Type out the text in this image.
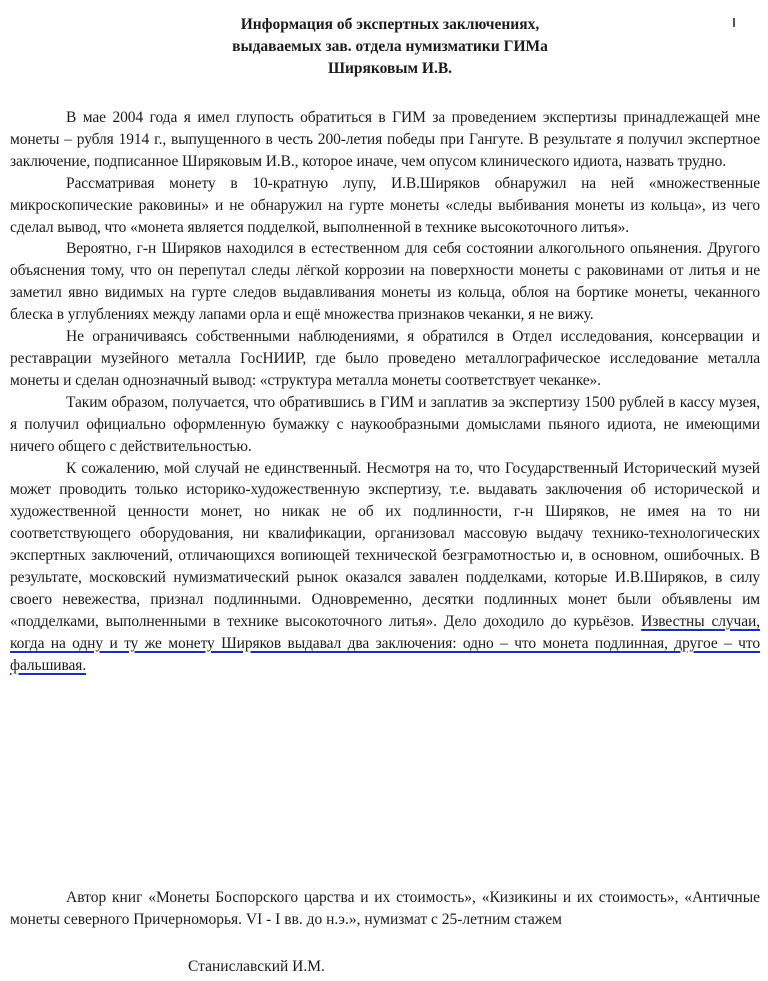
Информация об экспертных заключениях,
выдаваемых зав. отдела нумизматики ГИМа
Ширяковым И.В.

В мае 2004 года я имел глупость обратиться в ГИМ за проведением экспертизы принадлежащей мне монеты – рубля 1914 г., выпущенного в честь 200-летия победы при Гангуте. В результате я получил экспертное заключение, подписанное Ширяковым И.В., которое иначе, чем опусом клинического идиота, назвать трудно.

Рассматривая монету в 10-кратную лупу, И.В.Ширяков обнаружил на ней «множественные микроскопические раковины» и не обнаружил на гурте монеты «следы выбивания монеты из кольца», из чего сделал вывод, что «монета является подделкой, выполненной в технике высокоточного литья».

Вероятно, г-н Ширяков находился в естественном для себя состоянии алкогольного опьянения. Другого объяснения тому, что он перепутал следы лёгкой коррозии на поверхности монеты с раковинами от литья и не заметил явно видимых на гурте следов выдавливания монеты из кольца, облоя на бортике монеты, чеканного блеска в углублениях между лапами орла и ещё множества признаков чеканки, я не вижу.

Не ограничиваясь собственными наблюдениями, я обратился в Отдел исследования, консервации и реставрации музейного металла ГосНИИР, где было проведено металлографическое исследование металла монеты и сделан однозначный вывод: «структура металла монеты соответствует чеканке».

Таким образом, получается, что обратившись в ГИМ и заплатив за экспертизу 1500 рублей в кассу музея, я получил официально оформленную бумажку с наукообразными домыслами пьяного идиота, не имеющими ничего общего с действительностью.

К сожалению, мой случай не единственный. Несмотря на то, что Государственный Исторический музей может проводить только историко-художественную экспертизу, т.е. выдавать заключения об исторической и художественной ценности монет, но никак не об их подлинности, г-н Ширяков, не имея на то ни соответствующего оборудования, ни квалификации, организовал массовую выдачу технико-технологических экспертных заключений, отличающихся вопиющей технической безграмотностью и, в основном, ошибочных. В результате, московский нумизматический рынок оказался завален подделками, которые И.В.Ширяков, в силу своего невежества, признал подлинными. Одновременно, десятки подлинных монет были объявлены им «подделками, выполненными в технике высокоточного литья». Дело доходило до курьёзов. Известны случаи, когда на одну и ту же монету Ширяков выдавал два заключения: одно – что монета подлинная, другое – что фальшивая.

Автор книг «Монеты Боспорского царства и их стоимость», «Кизикины и их стоимость», «Античные монеты северного Причерноморья. VI - I вв. до н.э.», нумизмат с 25-летним стажем

Станиславский И.М.
